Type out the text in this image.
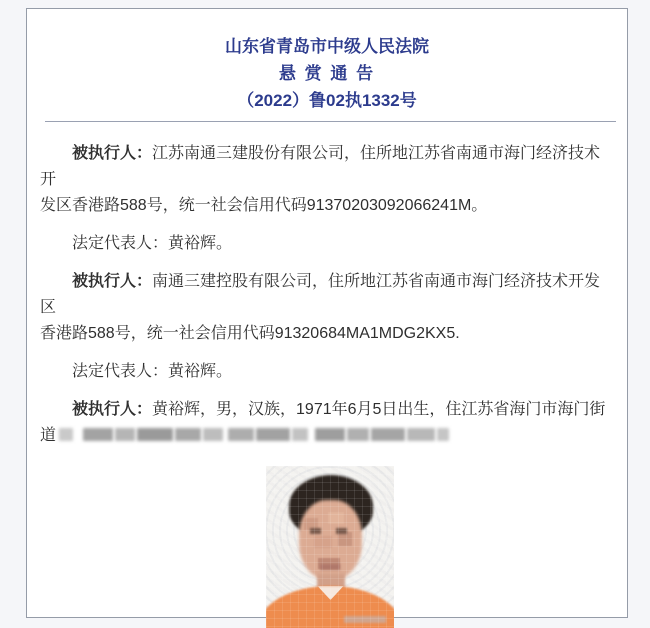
山东省青岛市中级人民法院
悬 赏 通 告
（2022）鲁02执1332号
被执行人：江苏南通三建股份有限公司，住所地江苏省南通市海门经济技术开
发区香港路588号，统一社会信用代码91370203092066241M。
法定代表人：黄裕辉。
被执行人：南通三建控股有限公司，住所地江苏省南通市海门经济技术开发区
香港路588号，统一社会信用代码91320684MA1MDG2KX5.
法定代表人：黄裕辉。
被执行人：黄裕辉，男，汉族，1971年6月5日出生，住江苏省海门市海门街
道
